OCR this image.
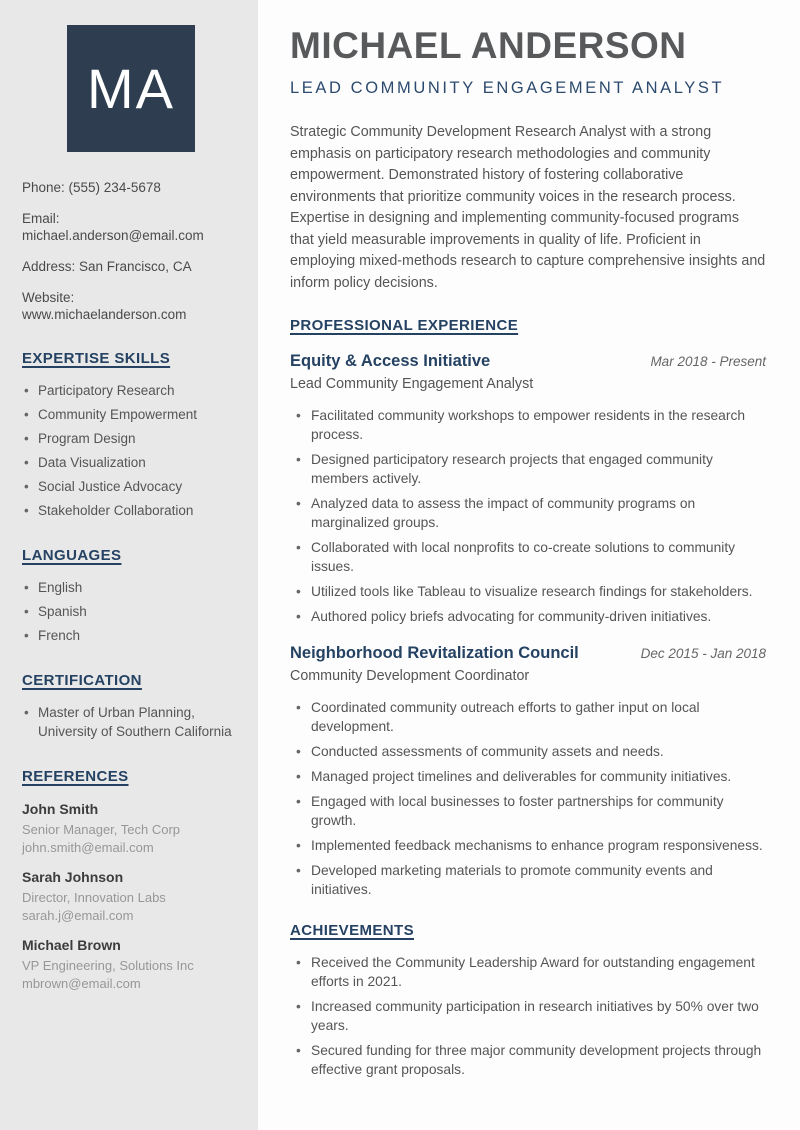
MA
Phone: (555) 234-5678
Email: michael.anderson@email.com
Address: San Francisco, CA
Website: www.michaelanderson.com
EXPERTISE SKILLS
• Participatory Research
• Community Empowerment
• Program Design
• Data Visualization
• Social Justice Advocacy
• Stakeholder Collaboration
LANGUAGES
• English
• Spanish
• French
CERTIFICATION
• Master of Urban Planning, University of Southern California
REFERENCES
John Smith
Senior Manager, Tech Corp
john.smith@email.com
Sarah Johnson
Director, Innovation Labs
sarah.j@email.com
Michael Brown
VP Engineering, Solutions Inc
mbrown@email.com
MICHAEL ANDERSON
LEAD COMMUNITY ENGAGEMENT ANALYST

Strategic Community Development Research Analyst with a strong emphasis on participatory research methodologies and community empowerment. Demonstrated history of fostering collaborative environments that prioritize community voices in the research process. Expertise in designing and implementing community-focused programs that yield measurable improvements in quality of life. Proficient in employing mixed-methods research to capture comprehensive insights and inform policy decisions.

PROFESSIONAL EXPERIENCE
Equity & Access Initiative	Mar 2018 - Present
Lead Community Engagement Analyst
• Facilitated community workshops to empower residents in the research process.
• Designed participatory research projects that engaged community members actively.
• Analyzed data to assess the impact of community programs on marginalized groups.
• Collaborated with local nonprofits to co-create solutions to community issues.
• Utilized tools like Tableau to visualize research findings for stakeholders.
• Authored policy briefs advocating for community-driven initiatives.
Neighborhood Revitalization Council	Dec 2015 - Jan 2018
Community Development Coordinator
• Coordinated community outreach efforts to gather input on local development.
• Conducted assessments of community assets and needs.
• Managed project timelines and deliverables for community initiatives.
• Engaged with local businesses to foster partnerships for community growth.
• Implemented feedback mechanisms to enhance program responsiveness.
• Developed marketing materials to promote community events and initiatives.
ACHIEVEMENTS
• Received the Community Leadership Award for outstanding engagement efforts in 2021.
• Increased community participation in research initiatives by 50% over two years.
• Secured funding for three major community development projects through effective grant proposals.
